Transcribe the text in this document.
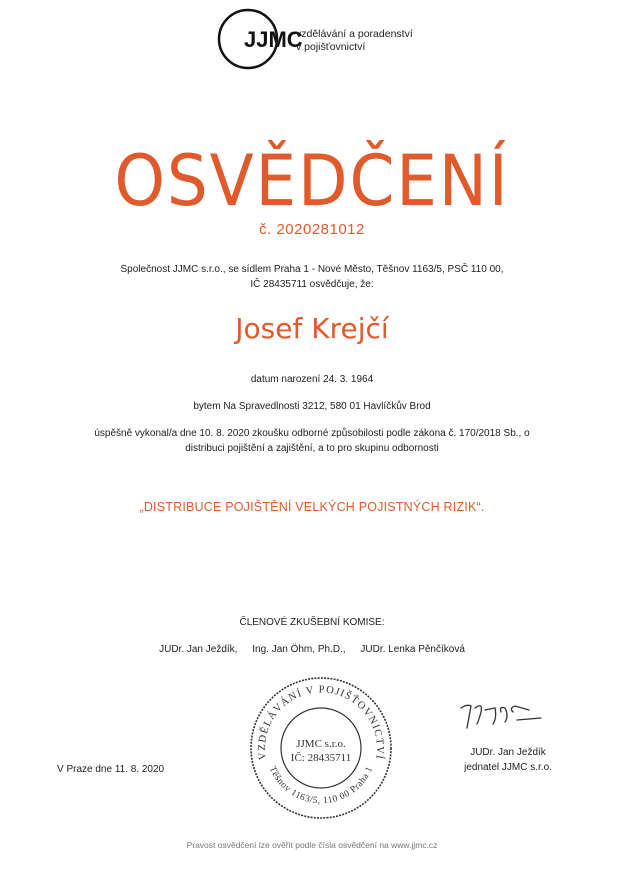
JJMC
vzdělávání a poradenství
v pojišťovnictví
OSVĚDČENÍ
č. 2020281012
Společnost JJMC s.r.o., se sídlem Praha 1 - Nové Město, Těšnov 1163/5, PSČ 110 00,
IČ 28435711 osvědčuje, že:
Josef Krejčí
datum narození 24. 3. 1964
bytem Na Spravedlnosti 3212, 580 01 Havlíčkův Brod
úspěšně vykonal/a dne 10. 8. 2020 zkoušku odborné způsobilosti podle zákona č. 170/2018 Sb., o
distribuci pojištění a zajištění, a to pro skupinu odbornosti
„DISTRIBUCE POJIŠTĚNÍ VELKÝCH POJISTNÝCH RIZIK“.
ČLENOVÉ ZKUŠEBNÍ KOMISE:
JUDr. Jan Ježdík, Ing. Jan Öhm, Ph.D., JUDr. Lenka Pěnčíková
VZDĚLÁVÁNÍ V POJIŠŤOVNICTVÍ
Těšnov 1163/5, 110 00 Praha 1
JJMC s.r.o.
IČ: 28435711
V Praze dne 11. 8. 2020
JUDr. Jan Ježdík
jednatel JJMC s.r.o.
Pravost osvědčení lze ověřit podle čísla osvědčení na www.jjmc.cz
